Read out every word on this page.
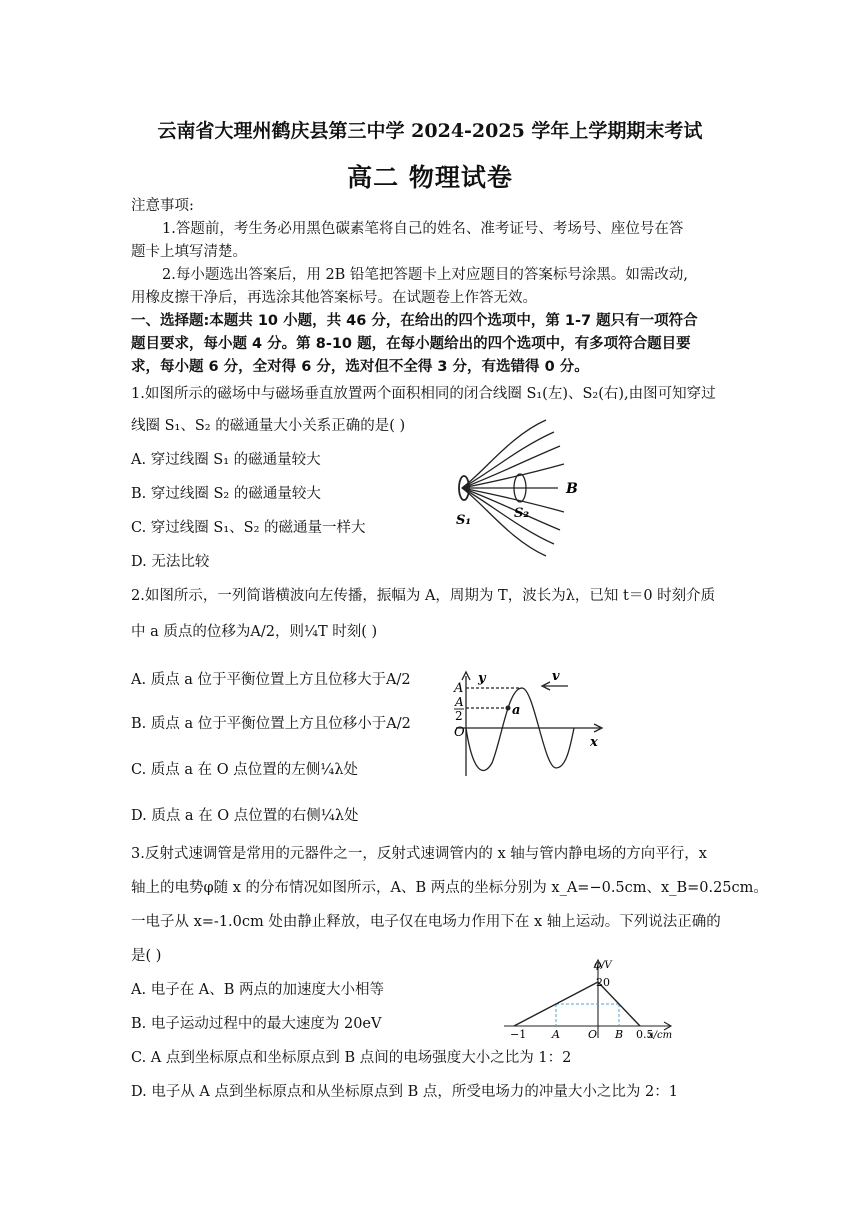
云南省大理州鹤庆县第三中学 2024-2025 学年上学期期末考试
高二 物理试卷
注意事项:
1.答题前，考生务必用黑色碳素笔将自己的姓名、准考证号、考场号、座位号在答
题卡上填写清楚。
2.每小题选出答案后，用 2B 铅笔把答题卡上对应题目的答案标号涂黑。如需改动,
用橡皮擦干净后，再选涂其他答案标号。在试题卷上作答无效。
一、选择题:本题共 10 小题，共 46 分，在给出的四个选项中，第 1-7 题只有一项符合
题目要求，每小题 4 分。第 8-10 题，在每小题给出的四个选项中，有多项符合题目要
求，每小题 6 分，全对得 6 分，选对但不全得 3 分，有选错得 0 分。
1.如图所示的磁场中与磁场垂直放置两个面积相同的闭合线圈 S₁(左)、S₂(右),由图可知穿过
线圈 S₁、S₂ 的磁通量大小关系正确的是( )
A. 穿过线圈 S₁ 的磁通量较大
B. 穿过线圈 S₂ 的磁通量较大
C. 穿过线圈 S₁、S₂ 的磁通量一样大
D. 无法比较
B
S₁	S₂
2.如图所示，一列简谐横波向左传播，振幅为 A，周期为 T，波长为λ，已知 t＝0 时刻介质
中 a 质点的位移为A/2，则¼T 时刻( )
A. 质点 a 位于平衡位置上方且位移大于A/2
B. 质点 a 位于平衡位置上方且位移小于A/2
C. 质点 a 在 O 点位置的左侧¼λ处
D. 质点 a 在 O 点位置的右侧¼λ处
y
x
A
A
2
O
a
v
3.反射式速调管是常用的元器件之一，反射式速调管内的 x 轴与管内静电场的方向平行，x
轴上的电势φ随 x 的分布情况如图所示，A、B 两点的坐标分别为 x_A=−0.5cm、x_B=0.25cm。
一电子从 x=-1.0cm 处由静止释放，电子仅在电场力作用下在 x 轴上运动。下列说法正确的
是( )
A. 电子在 A、B 两点的加速度大小相等
B. 电子运动过程中的最大速度为 20eV
C. A 点到坐标原点和坐标原点到 B 点间的电场强度大小之比为 1：2
D. 电子从 A 点到坐标原点和从坐标原点到 B 点，所受电场力的冲量大小之比为 2：1
−1 A	O B 0.5
20
φ/V
x/cm
